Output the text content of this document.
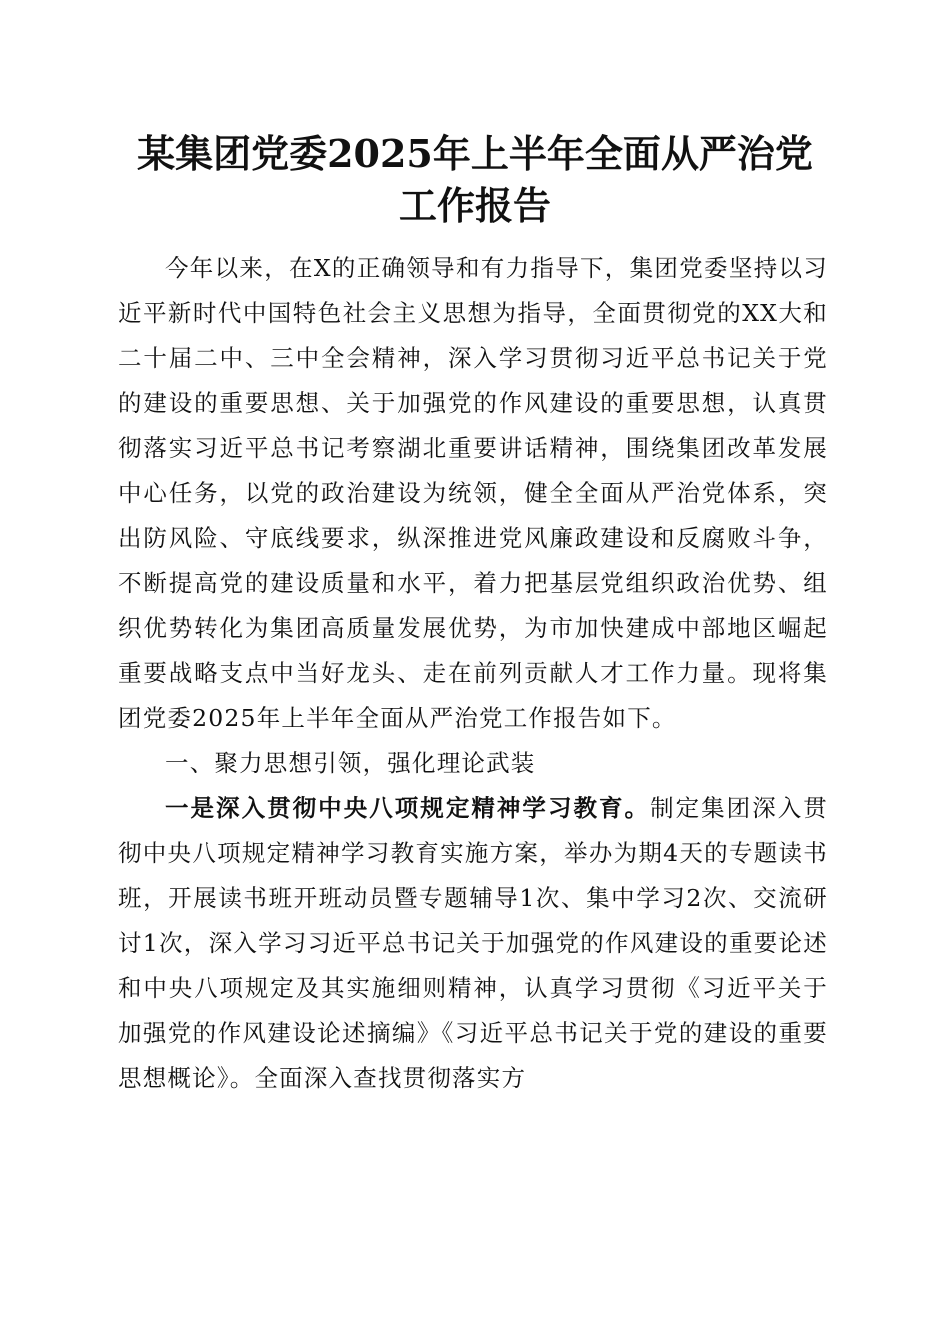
某集团党委2025年上半年全面从严治党工作报告

今年以来，在X的正确领导和有力指导下，集团党委坚持以习近平新时代中国特色社会主义思想为指导，全面贯彻党的XX大和二十届二中、三中全会精神，深入学习贯彻习近平总书记关于党的建设的重要思想、关于加强党的作风建设的重要思想，认真贯彻落实习近平总书记考察湖北重要讲话精神，围绕集团改革发展中心任务，以党的政治建设为统领，健全全面从严治党体系，突出防风险、守底线要求，纵深推进党风廉政建设和反腐败斗争，不断提高党的建设质量和水平，着力把基层党组织政治优势、组织优势转化为集团高质量发展优势，为市加快建成中部地区崛起重要战略支点中当好龙头、走在前列贡献人才工作力量。现将集团党委2025年上半年全面从严治党工作报告如下。

一、聚力思想引领，强化理论武装

一是深入贯彻中央八项规定精神学习教育。制定集团深入贯彻中央八项规定精神学习教育实施方案，举办为期4天的专题读书班，开展读书班开班动员暨专题辅导1次、集中学习2次、交流研讨1次，深入学习习近平总书记关于加强党的作风建设的重要论述和中央八项规定及其实施细则精神，认真学习贯彻《习近平关于加强党的作风建设论述摘编》《习近平总书记关于党的建设的重要思想概论》。全面深入查找贯彻落实方
